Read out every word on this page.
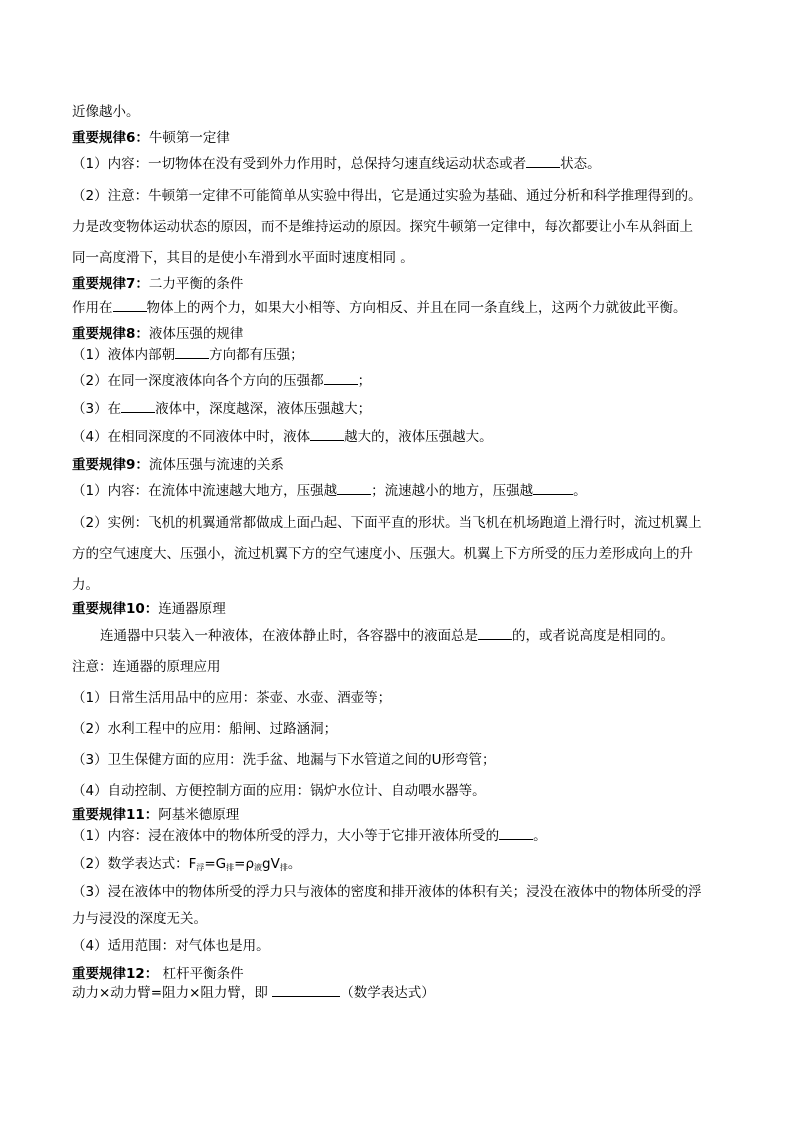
近像越小。
重要规律6：牛顿第一定律
（1）内容：一切物体在没有受到外力作用时，总保持匀速直线运动状态或者	状态。
（2）注意：牛顿第一定律不可能简单从实验中得出，它是通过实验为基础、通过分析和科学推理得到的。
力是改变物体运动状态的原因，而不是维持运动的原因。探究牛顿第一定律中，每次都要让小车从斜面上
同一高度滑下，其目的是使小车滑到水平面时速度相同 。
重要规律7：二力平衡的条件
作用在	物体上的两个力，如果大小相等、方向相反、并且在同一条直线上，这两个力就彼此平衡。
重要规律8：液体压强的规律
（1）液体内部朝	方向都有压强；
（2）在同一深度液体向各个方向的压强都	；
（3）在	液体中，深度越深，液体压强越大；
（4）在相同深度的不同液体中时，液体	越大的，液体压强越大。
重要规律9：流体压强与流速的关系
（1）内容：在流体中流速越大地方，压强越	；流速越小的地方，压强越	。
（2）实例：飞机的机翼通常都做成上面凸起、下面平直的形状。当飞机在机场跑道上滑行时，流过机翼上
方的空气速度大、压强小，流过机翼下方的空气速度小、压强大。机翼上下方所受的压力差形成向上的升
力。
重要规律10：连通器原理
连通器中只装入一种液体，在液体静止时，各容器中的液面总是	的，或者说高度是相同的。
注意：连通器的原理应用
（1）日常生活用品中的应用：茶壶、水壶、酒壶等；
（2）水利工程中的应用：船闸、过路涵洞；
（3）卫生保健方面的应用：洗手盆、地漏与下水管道之间的U形弯管；
（4）自动控制、方便控制方面的应用：锅炉水位计、自动喂水器等。
重要规律11：阿基米德原理
（1）内容：浸在液体中的物体所受的浮力，大小等于它排开液体所受的	。
（2）数学表达式：$F_浮=G_排=\rho_液gV_排$。
（3）浸在液体中的物体所受的浮力只与液体的密度和排开液体的体积有关；浸没在液体中的物体所受的浮
力与浸没的深度无关。
（4）适用范围：对气体也是用。
重要规律12： 杠杆平衡条件
动力×动力臂=阻力×阻力臂，即	（数学表达式）
